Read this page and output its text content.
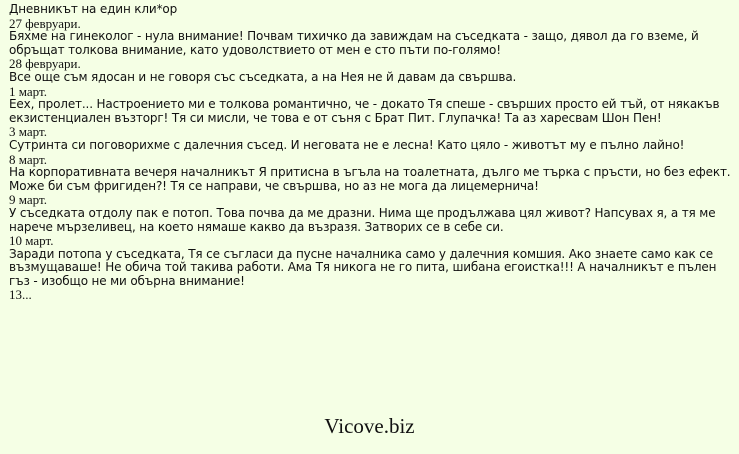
Дневникът на един кли*ор
27 февруари.
Бяхме на гинеколог - нула внимание! Почвам тихичко да завиждам на съседката - защо, дявол да го вземе, й обръщат толкова внимание, като удоволствието от мен е сто пъти по-голямо!
28 февруари.
Все още съм ядосан и не говоря със съседката, а на Нея не й давам да свършва.
1 март.
Еех, пролет... Настроението ми е толкова романтично, че - докато Тя спеше - свърших просто ей тъй, от някакъв екзистенциален възторг! Тя си мисли, че това е от съня с Брат Пит. Глупачка! Та аз харесвам Шон Пен!
3 март.
Сутринта си поговорихме с далечния съсед. И неговата не е лесна! Като цяло - животът му е пълно лайно!
8 март.
На корпоративната вечеря началникът Я притисна в ъгъла на тоалетната, дълго ме търка с пръсти, но без ефект. Може би съм фригиден?! Тя се направи, че свършва, но аз не мога да лицемернича!
9 март.
У съседката отдолу пак е потоп. Това почва да ме дразни. Нима ще продължава цял живот? Напсувах я, а тя ме нарече мързеливец, на което нямаше какво да възразя. Затворих се в себе си.
10 март.
Заради потопа у съседката, Тя се съгласи да пусне началника само у далечния комшия. Ако знаете само как се възмущаваше! Не обича той такива работи. Ама Тя никога не го пита, шибана егоистка!!! А началникът е пълен гъз - изобщо не ми обърна внимание!
13...
Vicove.biz
